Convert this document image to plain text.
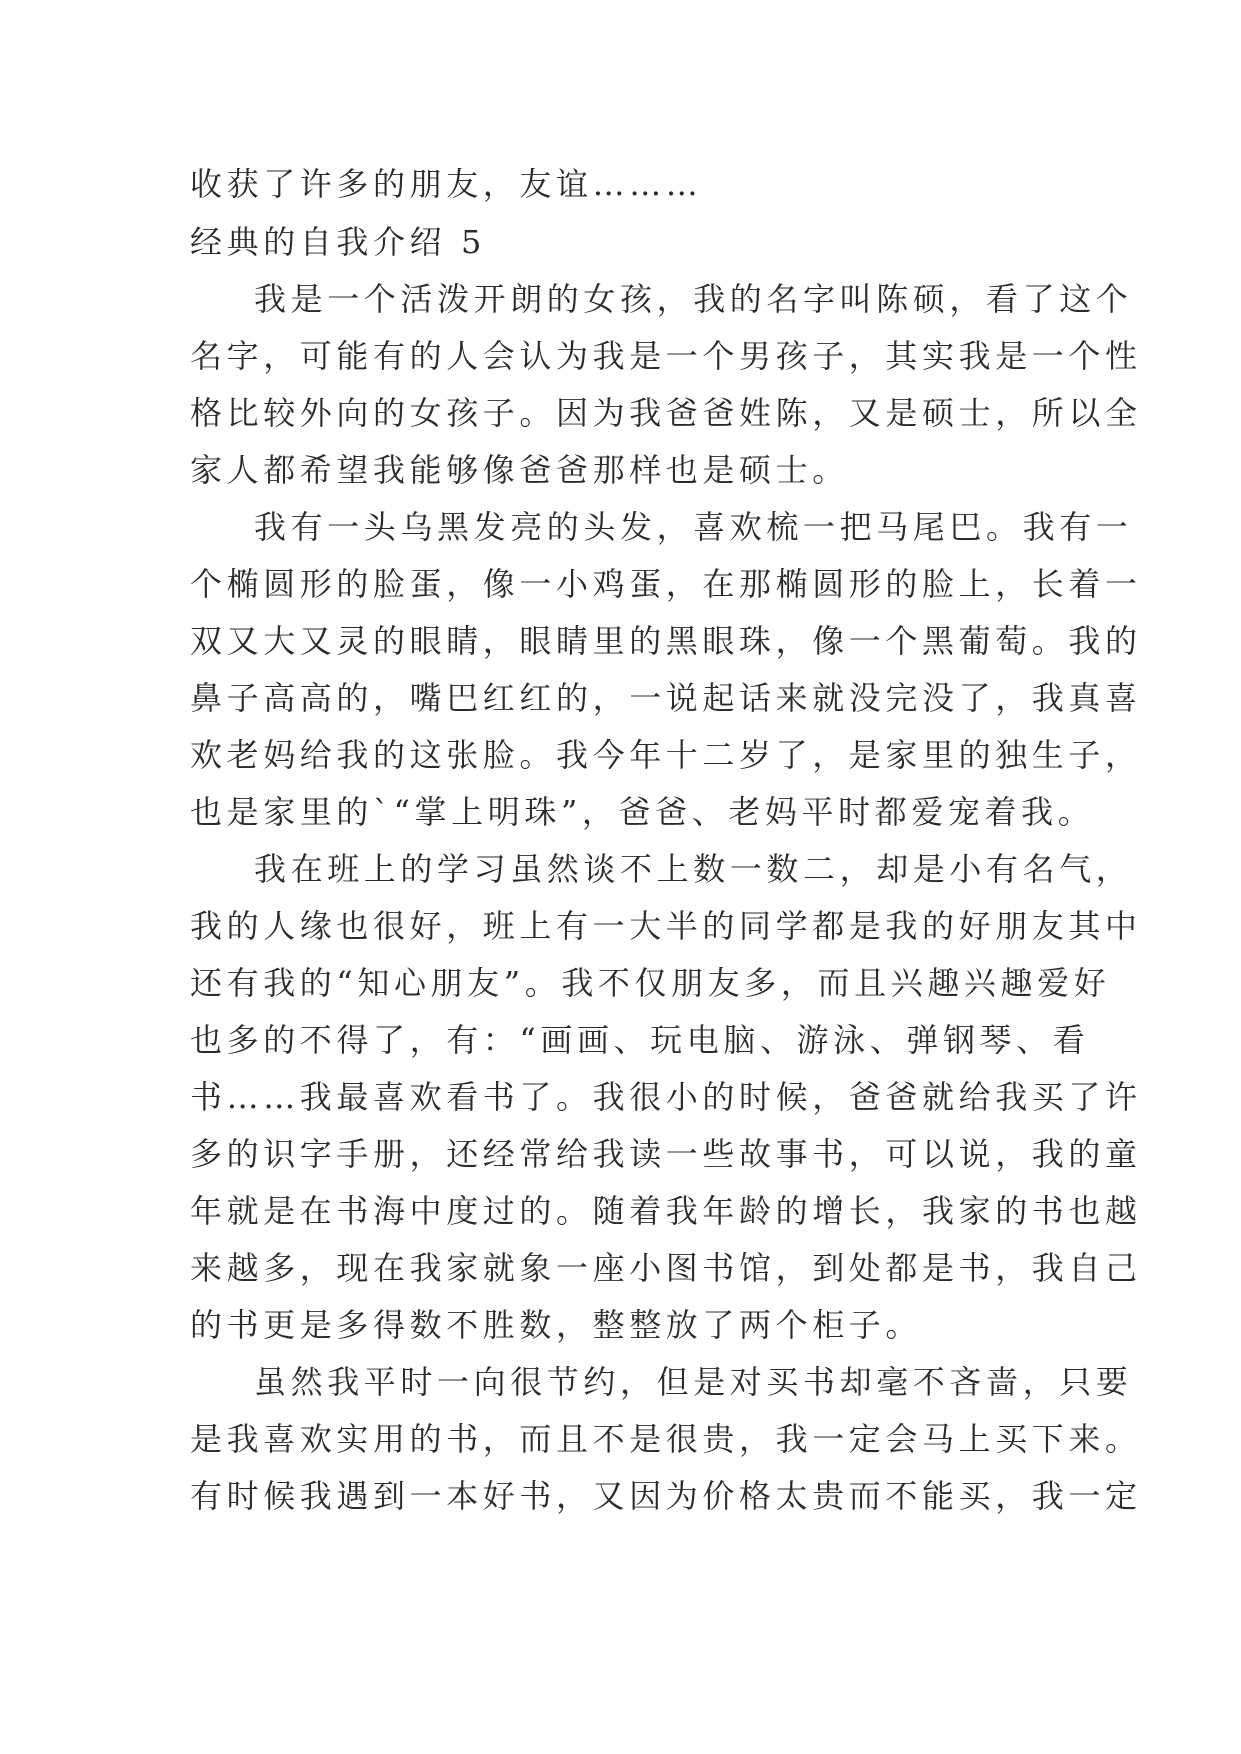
收获了许多的朋友，友谊………
经典的自我介绍 5
我是一个活泼开朗的女孩，我的名字叫陈硕，看了这个
名字，可能有的人会认为我是一个男孩子，其实我是一个性
格比较外向的女孩子。因为我爸爸姓陈，又是硕士，所以全
家人都希望我能够像爸爸那样也是硕士。
我有一头乌黑发亮的头发，喜欢梳一把马尾巴。我有一
个椭圆形的脸蛋，像一小鸡蛋，在那椭圆形的脸上，长着一
双又大又灵的眼睛，眼睛里的黑眼珠，像一个黑葡萄。我的
鼻子高高的，嘴巴红红的，一说起话来就没完没了，我真喜
欢老妈给我的这张脸。我今年十二岁了，是家里的独生子，
也是家里的`“掌上明珠”，爸爸、老妈平时都爱宠着我。
我在班上的学习虽然谈不上数一数二，却是小有名气，
我的人缘也很好，班上有一大半的同学都是我的好朋友其中
还有我的“知心朋友”。我不仅朋友多，而且兴趣兴趣爱好
也多的不得了，有：“画画、玩电脑、游泳、弹钢琴、看
书……我最喜欢看书了。我很小的时候，爸爸就给我买了许
多的识字手册，还经常给我读一些故事书，可以说，我的童
年就是在书海中度过的。随着我年龄的增长，我家的书也越
来越多，现在我家就象一座小图书馆，到处都是书，我自己
的书更是多得数不胜数，整整放了两个柜子。
虽然我平时一向很节约，但是对买书却毫不吝啬，只要
是我喜欢实用的书，而且不是很贵，我一定会马上买下来。
有时候我遇到一本好书，又因为价格太贵而不能买，我一定
